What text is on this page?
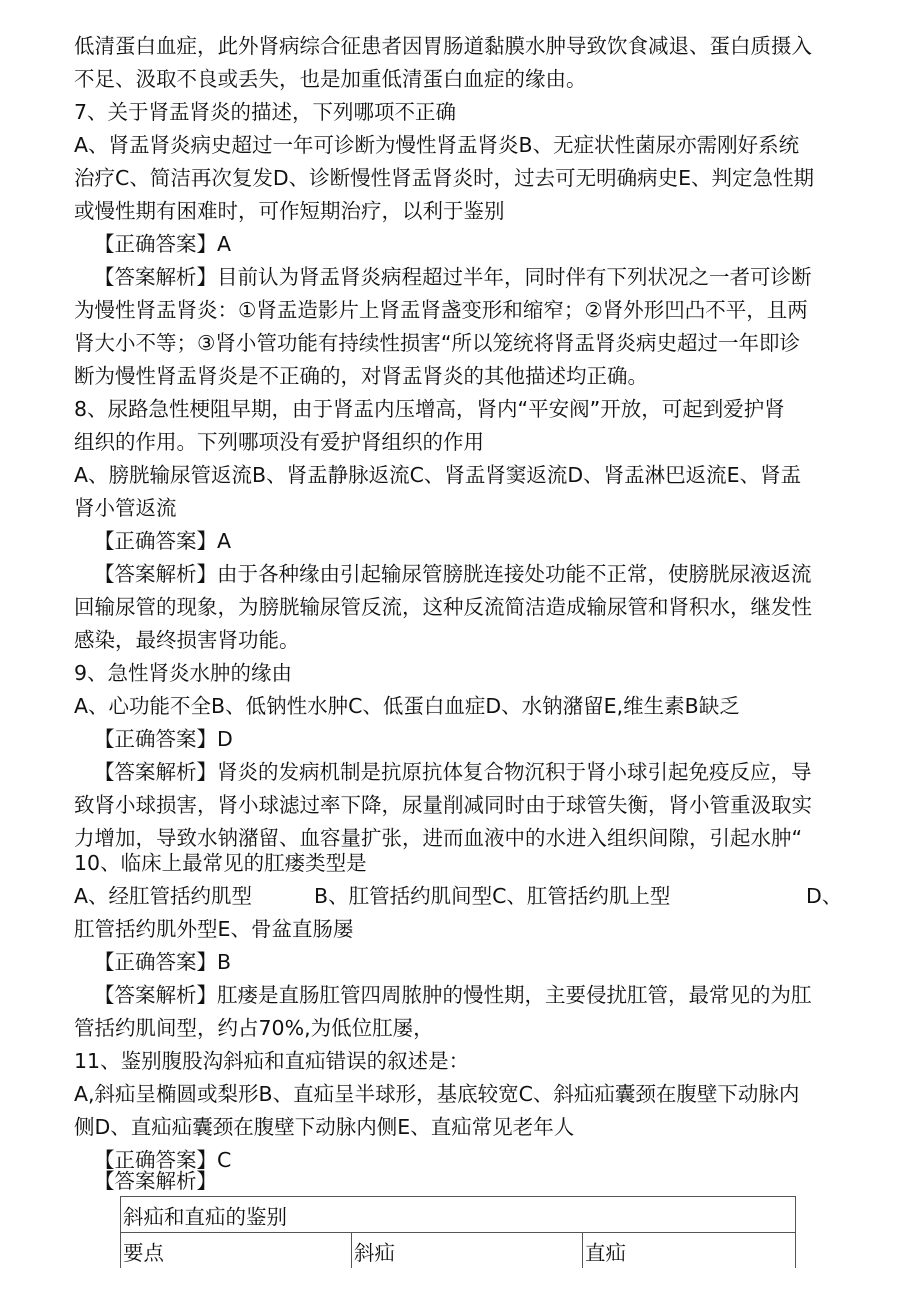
低清蛋白血症，此外肾病综合征患者因胃肠道黏膜水肿导致饮食减退、蛋白质摄入
不足、汲取不良或丢失，也是加重低清蛋白血症的缘由。
7、关于肾盂肾炎的描述，下列哪项不正确
A、肾盂肾炎病史超过一年可诊断为慢性肾盂肾炎B、无症状性菌尿亦需刚好系统
治疗C、简洁再次复发D、诊断慢性肾盂肾炎时，过去可无明确病史E、判定急性期
或慢性期有困难时，可作短期治疗，以利于鉴别
【正确答案】A
【答案解析】目前认为肾盂肾炎病程超过半年，同时伴有下列状况之一者可诊断
为慢性肾盂肾炎：①肾盂造影片上肾盂肾盏变形和缩窄；②肾外形凹凸不平，且两
肾大小不等；③肾小管功能有持续性损害“所以笼统将肾盂肾炎病史超过一年即诊
断为慢性肾盂肾炎是不正确的，对肾盂肾炎的其他描述均正确。
8、尿路急性梗阻早期，由于肾盂内压增高，肾内“平安阀”开放，可起到爱护肾
组织的作用。下列哪项没有爱护肾组织的作用
A、膀胱输尿管返流B、肾盂静脉返流C、肾盂肾窦返流D、肾盂淋巴返流E、肾盂
肾小管返流
【正确答案】A
【答案解析】由于各种缘由引起输尿管膀胱连接处功能不正常，使膀胱尿液返流
回输尿管的现象，为膀胱输尿管反流，这种反流简洁造成输尿管和肾积水，继发性
感染，最终损害肾功能。
9、急性肾炎水肿的缘由
A、心功能不全B、低钠性水肿C、低蛋白血症D、水钠潴留E,维生素B缺乏
【正确答案】D
【答案解析】肾炎的发病机制是抗原抗体复合物沉积于肾小球引起免疫反应，导
致肾小球损害，肾小球滤过率下降，尿量削减同时由于球管失衡，肾小管重汲取实
力增加，导致水钠潴留、血容量扩张，进而血液中的水进入组织间隙，引起水肿“
10、临床上最常见的肛瘘类型是
A、经肛管括约肌型	B、肛管括约肌间型C、肛管括约肌上型	D、
肛管括约肌外型E、骨盆直肠屡
【正确答案】B
【答案解析】肛瘘是直肠肛管四周脓肿的慢性期，主要侵扰肛管，最常见的为肛
管括约肌间型，约占70%,为低位肛屡，
11、鉴别腹股沟斜疝和直疝错误的叙述是：
A,斜疝呈椭圆或梨形B、直疝呈半球形，基底较宽C、斜疝疝囊颈在腹壁下动脉内
侧D、直疝疝囊颈在腹壁下动脉内侧E、直疝常见老年人
【正确答案】C
【答案解析】
斜疝和直疝的鉴别
要点	斜疝	直疝
